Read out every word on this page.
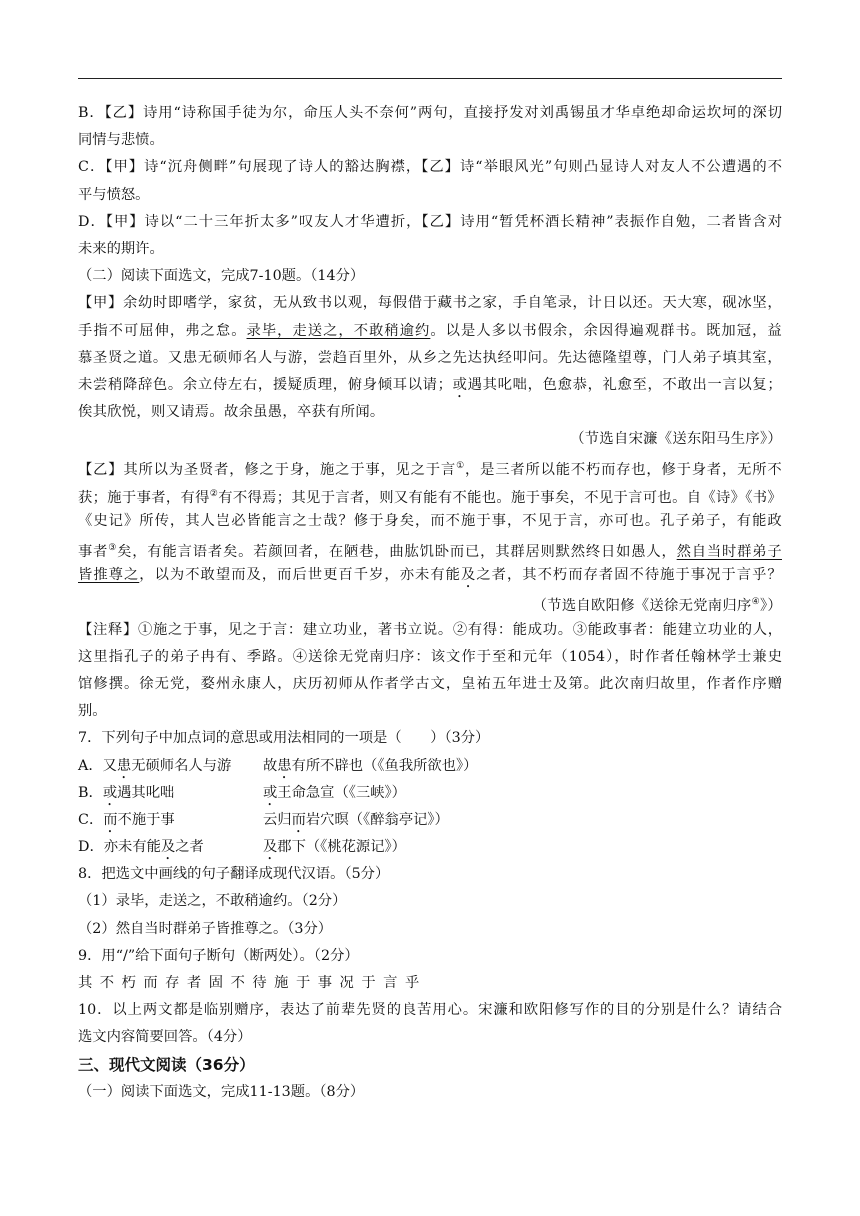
B．【乙】诗用“诗称国手徒为尔，命压人头不奈何”两句，直接抒发对刘禹锡虽才华卓绝却命运坎坷的深切
同情与悲愤。
C．【甲】诗“沉舟侧畔”句展现了诗人的豁达胸襟，【乙】诗“举眼风光”句则凸显诗人对友人不公遭遇的不
平与愤怒。
D．【甲】诗以“二十三年折太多”叹友人才华遭折，【乙】诗用“暂凭杯酒长精神”表振作自勉，二者皆含对
未来的期许。
（二）阅读下面选文，完成7-10题。（14分）
【甲】余幼时即嗜学，家贫，无从致书以观，每假借于藏书之家，手自笔录，计日以还。天大寒，砚冰坚，
手指不可屈伸，弗之怠。录毕，走送之，不敢稍逾约。以是人多以书假余，余因得遍观群书。既加冠，益
慕圣贤之道。又患无硕师名人与游，尝趋百里外，从乡之先达执经叩问。先达德隆望尊，门人弟子填其室，
未尝稍降辞色。余立侍左右，援疑质理，俯身倾耳以请；或遇其叱咄，色愈恭，礼愈至，不敢出一言以复；
俟其欣悦，则又请焉。故余虽愚，卒获有所闻。
（节选自宋濂《送东阳马生序》）
【乙】其所以为圣贤者，修之于身，施之于事，见之于言①，是三者所以能不朽而存也，修于身者，无所不
获；施于事者，有得②有不得焉；其见于言者，则又有能有不能也。施于事矣，不见于言可也。自《诗》《书》
《史记》所传，其人岂必皆能言之士哉？修于身矣，而不施于事，不见于言，亦可也。孔子弟子，有能政
事者③矣，有能言语者矣。若颜回者，在陋巷，曲肱饥卧而已，其群居则默然终日如愚人，然自当时群弟子
皆推尊之，以为不敢望而及，而后世更百千岁，亦未有能及之者，其不朽而存者固不待施于事况于言乎？
（节选自欧阳修《送徐无党南归序④》）
【注释】①施之于事，见之于言：建立功业，著书立说。②有得：能成功。③能政事者：能建立功业的人，
这里指孔子的弟子冉有、季路。④送徐无党南归序：该文作于至和元年（1054），时作者任翰林学士兼史
馆修撰。徐无党，婺州永康人，庆历初师从作者学古文，皇祐五年进士及第。此次南归故里，作者作序赠
别。
7．下列句子中加点词的意思或用法相同的一项是（　　）（3分）
A．又患无硕师名人与游 故患有所不辟也（《鱼我所欲也》）
B．或遇其叱咄	或王命急宣（《三峡》）
C．而不施于事	云归而岩穴暝（《醉翁亭记》）
D．亦未有能及之者	及郡下（《桃花源记》）
8．把选文中画线的句子翻译成现代汉语。（5分）
（1）录毕，走送之，不敢稍逾约。（2分）
（2）然自当时群弟子皆推尊之。（3分）
9．用“/”给下面句子断句（断两处）。（2分）
其不朽而存者固不待施于事况于言乎
10．以上两文都是临别赠序，表达了前辈先贤的良苦用心。宋濂和欧阳修写作的目的分别是什么？请结合
选文内容简要回答。（4分）
三、现代文阅读（36分）
（一）阅读下面选文，完成11-13题。（8分）
